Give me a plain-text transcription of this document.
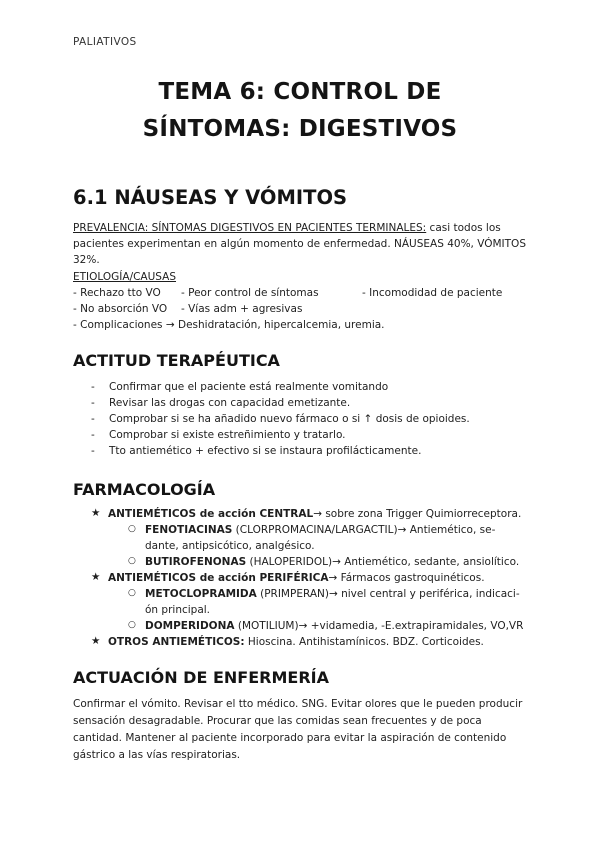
PALIATIVOS
TEMA 6: CONTROL DE
SÍNTOMAS: DIGESTIVOS
6.1 NÁUSEAS Y VÓMITOS
PREVALENCIA: SÍNTOMAS DIGESTIVOS EN PACIENTES TERMINALES: casi todos los
pacientes experimentan en algún momento de enfermedad. NÁUSEAS 40%, VÓMITOS
32%.
ETIOLOGÍA/CAUSAS
- Rechazo tto VO - Peor control de síntomas	- Incomodidad de paciente
- No absorción VO - Vías adm + agresivas
- Complicaciones → Deshidratación, hipercalcemia, uremia.
ACTITUD TERAPÉUTICA
- Confirmar que el paciente está realmente vomitando
- Revisar las drogas con capacidad emetizante.
- Comprobar si se ha añadido nuevo fármaco o si ↑ dosis de opioides.
- Comprobar si existe estreñimiento y tratarlo.
- Tto antiemético + efectivo si se instaura profilácticamente.
FARMACOLOGÍA
★ ANTIEMÉTICOS de acción CENTRAL→ sobre zona Trigger Quimiorreceptora.
○ FENOTIACINAS (CLORPROMACINA/LARGACTIL)→ Antiemético, se-
dante, antipsicótico, analgésico.
○ BUTIROFENONAS (HALOPERIDOL)→ Antiemético, sedante, ansiolítico.
★ ANTIEMÉTICOS de acción PERIFÉRICA→ Fármacos gastroquinéticos.
○ METOCLOPRAMIDA (PRIMPERAN)→ nivel central y periférica, indicaci-
ón principal.
○ DOMPERIDONA (MOTILIUM)→ +vidamedia, -E.extrapiramidales, VO,VR
★ OTROS ANTIEMÉTICOS: Hioscina. Antihistamínicos. BDZ. Corticoides.
ACTUACIÓN DE ENFERMERÍA
Confirmar el vómito. Revisar el tto médico. SNG. Evitar olores que le pueden producir
sensación desagradable. Procurar que las comidas sean frecuentes y de poca
cantidad. Mantener al paciente incorporado para evitar la aspiración de contenido
gástrico a las vías respiratorias.
